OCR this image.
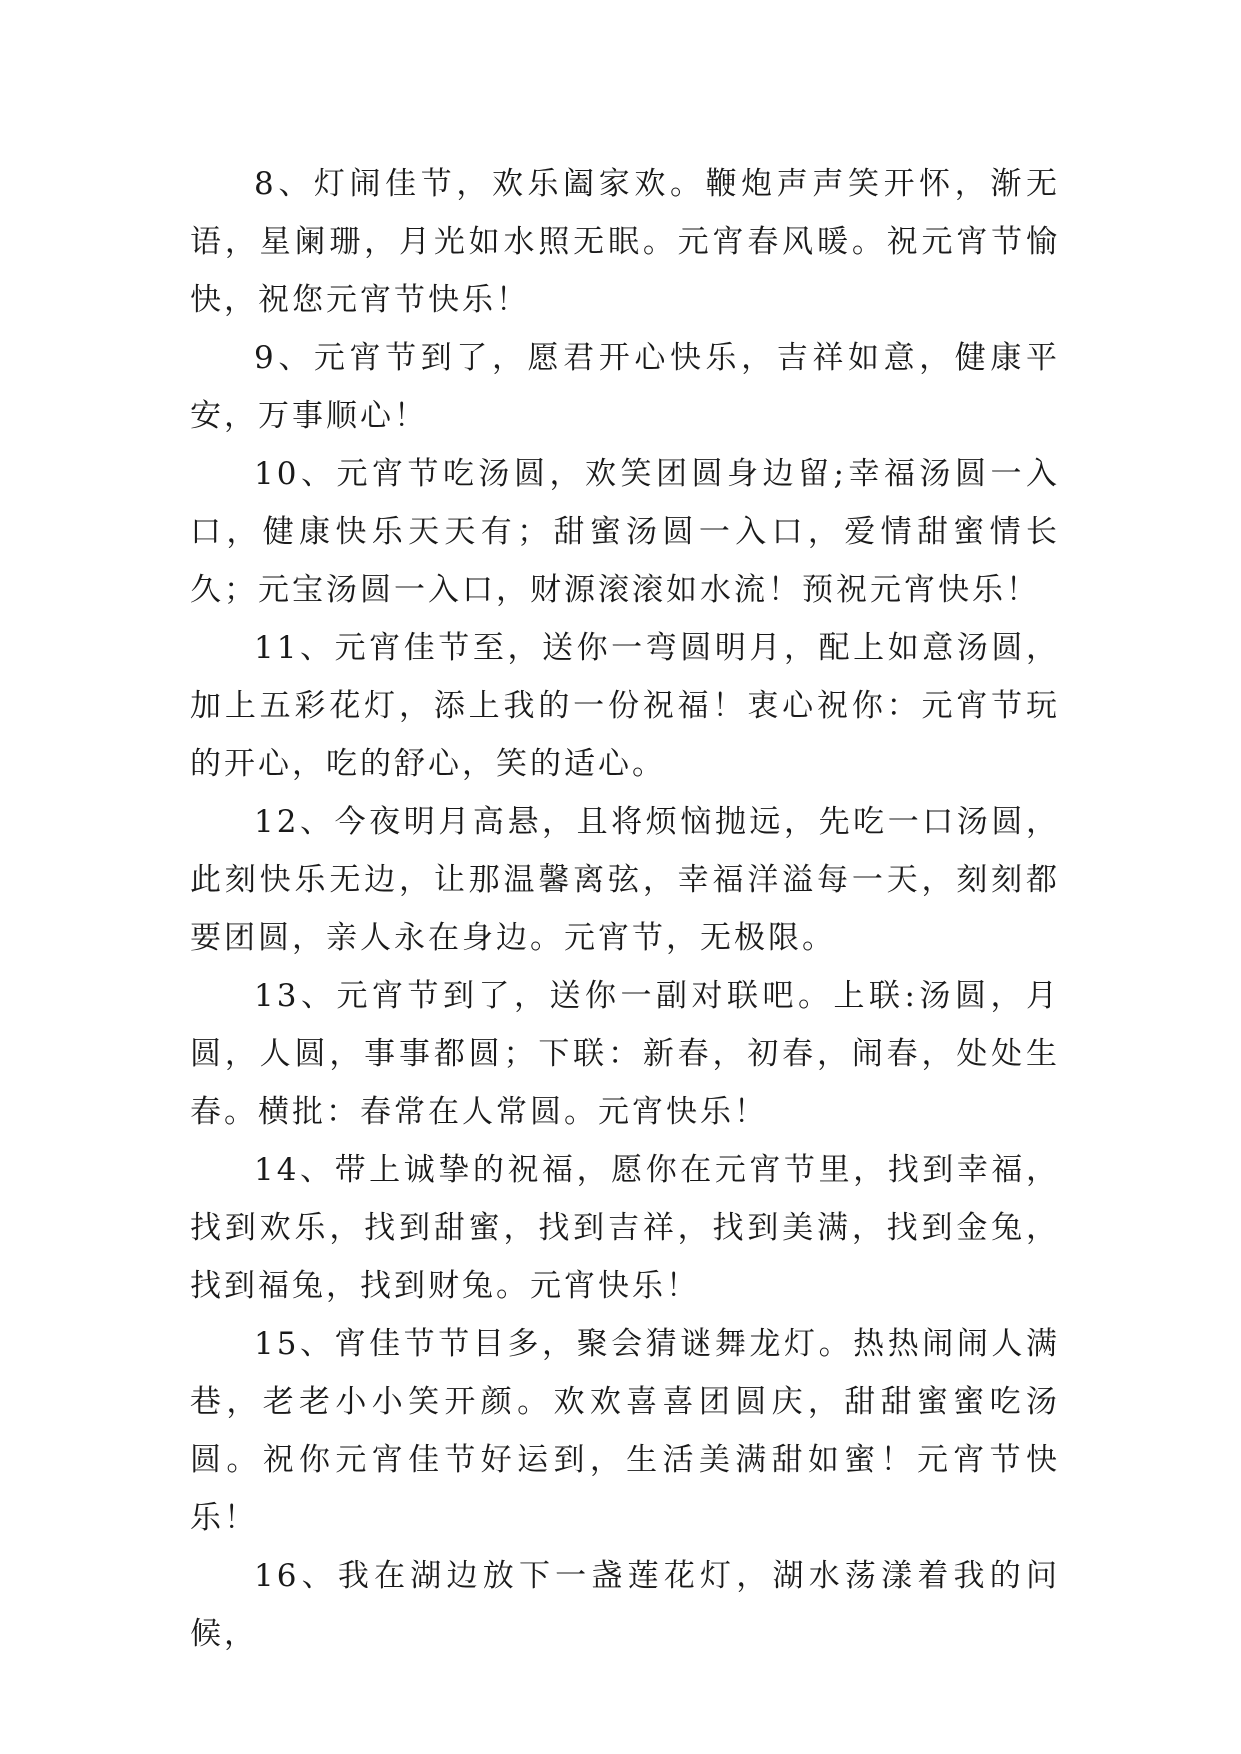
8、灯闹佳节，欢乐阖家欢。鞭炮声声笑开怀，渐无语，星阑珊，月光如水照无眠。元宵春风暖。祝元宵节愉快，祝您元宵节快乐！

9、元宵节到了，愿君开心快乐，吉祥如意，健康平安，万事顺心！

10、元宵节吃汤圆，欢笑团圆身边留;幸福汤圆一入口，健康快乐天天有；甜蜜汤圆一入口，爱情甜蜜情长久；元宝汤圆一入口，财源滚滚如水流！预祝元宵快乐！

11、元宵佳节至，送你一弯圆明月，配上如意汤圆，加上五彩花灯，添上我的一份祝福！衷心祝你：元宵节玩的开心，吃的舒心，笑的适心。

12、今夜明月高悬，且将烦恼抛远，先吃一口汤圆，此刻快乐无边，让那温馨离弦，幸福洋溢每一天，刻刻都要团圆，亲人永在身边。元宵节，无极限。

13、元宵节到了，送你一副对联吧。上联:汤圆，月圆，人圆，事事都圆；下联：新春，初春，闹春，处处生春。横批：春常在人常圆。元宵快乐！

14、带上诚挚的祝福，愿你在元宵节里，找到幸福，找到欢乐，找到甜蜜，找到吉祥，找到美满，找到金兔，找到福兔，找到财兔。元宵快乐！

15、宵佳节节目多，聚会猜谜舞龙灯。热热闹闹人满巷，老老小小笑开颜。欢欢喜喜团圆庆，甜甜蜜蜜吃汤圆。祝你元宵佳节好运到，生活美满甜如蜜！元宵节快乐！

16、我在湖边放下一盏莲花灯，湖水荡漾着我的问候，
